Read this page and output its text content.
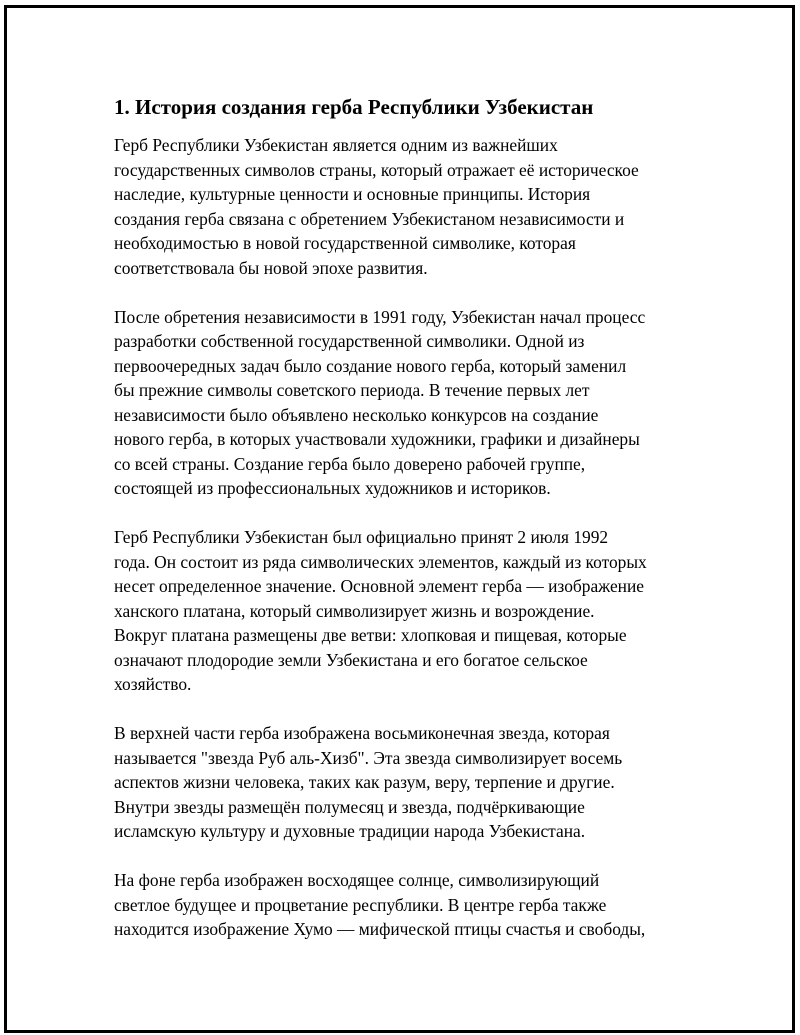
1. История создания герба Республики Узбекистан

Герб Республики Узбекистан является одним из важнейших
государственных символов страны, который отражает её историческое
наследие, культурные ценности и основные принципы. История
создания герба связана с обретением Узбекистаном независимости и
необходимостью в новой государственной символике, которая
соответствовала бы новой эпохе развития.

После обретения независимости в 1991 году, Узбекистан начал процесс
разработки собственной государственной символики. Одной из
первоочередных задач было создание нового герба, который заменил
бы прежние символы советского периода. В течение первых лет
независимости было объявлено несколько конкурсов на создание
нового герба, в которых участвовали художники, графики и дизайнеры
со всей страны. Создание герба было доверено рабочей группе,
состоящей из профессиональных художников и историков.

Герб Республики Узбекистан был официально принят 2 июля 1992
года. Он состоит из ряда символических элементов, каждый из которых
несет определенное значение. Основной элемент герба — изображение
ханского платана, который символизирует жизнь и возрождение.
Вокруг платана размещены две ветви: хлопковая и пищевая, которые
означают плодородие земли Узбекистана и его богатое сельское
хозяйство.

В верхней части герба изображена восьмиконечная звезда, которая
называется "звезда Руб аль-Хизб". Эта звезда символизирует восемь
аспектов жизни человека, таких как разум, веру, терпение и другие.
Внутри звезды размещён полумесяц и звезда, подчёркивающие
исламскую культуру и духовные традиции народа Узбекистана.

На фоне герба изображен восходящее солнце, символизирующий
светлое будущее и процветание республики. В центре герба также
находится изображение Хумо — мифической птицы счастья и свободы,
